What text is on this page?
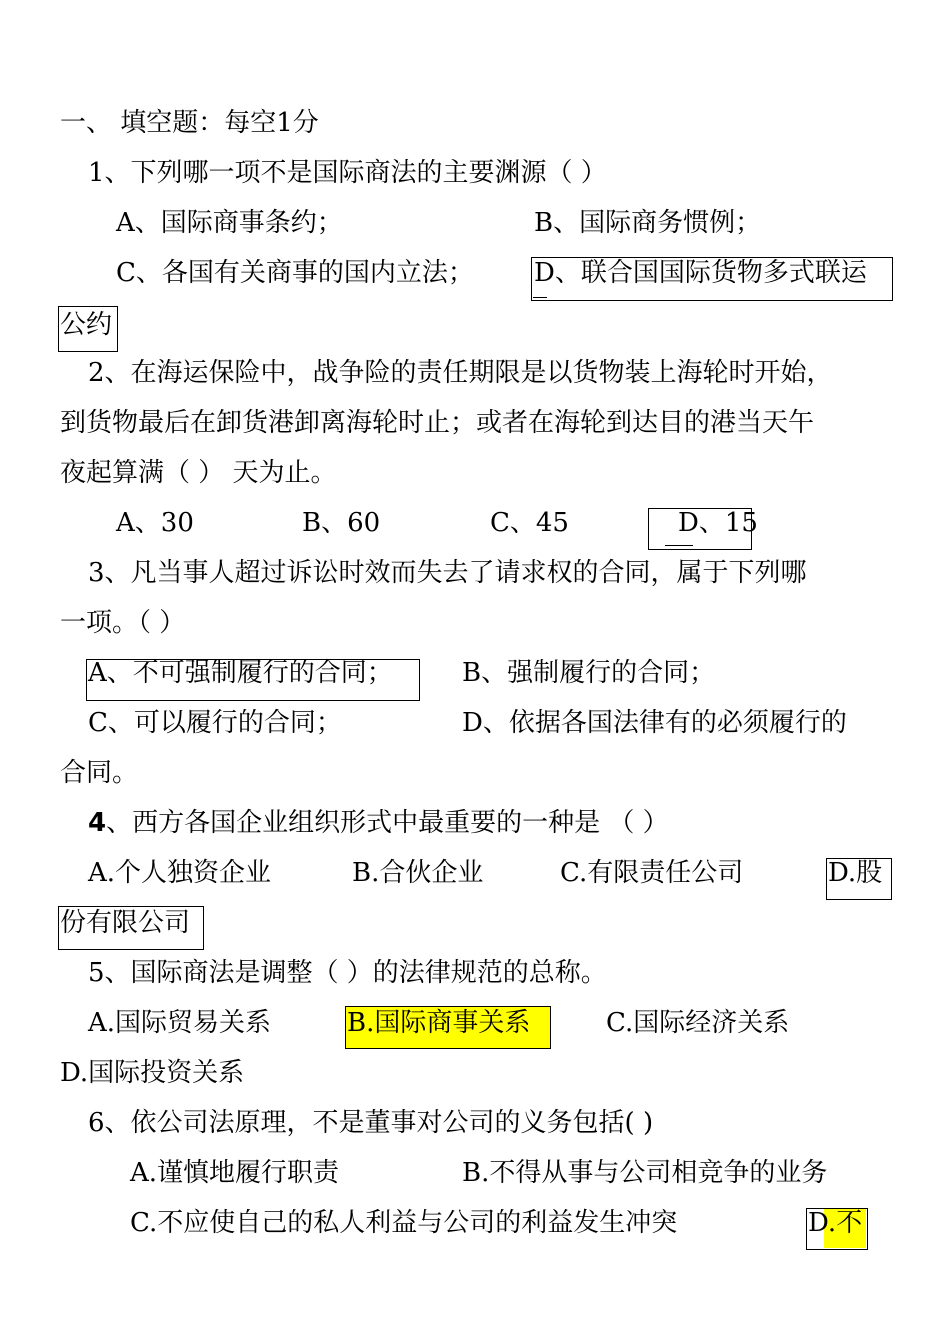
一、 填空题：每空1分
1、下列哪一项不是国际商法的主要渊源（ ）
A、国际商事条约；	B、国际商务惯例；
C、各国有关商事的国内立法； D、联合国国际货物多式联运
公约
2、在海运保险中，战争险的责任期限是以货物装上海轮时开始，
到货物最后在卸货港卸离海轮时止；或者在海轮到达目的港当天午
夜起算满（ ） 天为止。
A、30	B、60	C、45	D、15
3、凡当事人超过诉讼时效而失去了请求权的合同，属于下列哪
一项。（ ）
A、不可强制履行的合同；	B、强制履行的合同；
C、可以履行的合同；	D、依据各国法律有的必须履行的
合同。
4、西方各国企业组织形式中最重要的一种是 （ ）
A.个人独资企业	B.合伙企业	C.有限责任公司	D.股
份有限公司
5、国际商法是调整（ ）的法律规范的总称。
A.国际贸易关系	B.国际商事关系	C.国际经济关系
D.国际投资关系
6、依公司法原理，不是董事对公司的义务包括( )
A.谨慎地履行职责	B.不得从事与公司相竞争的业务
C.不应使自己的私人利益与公司的利益发生冲突	D.不
